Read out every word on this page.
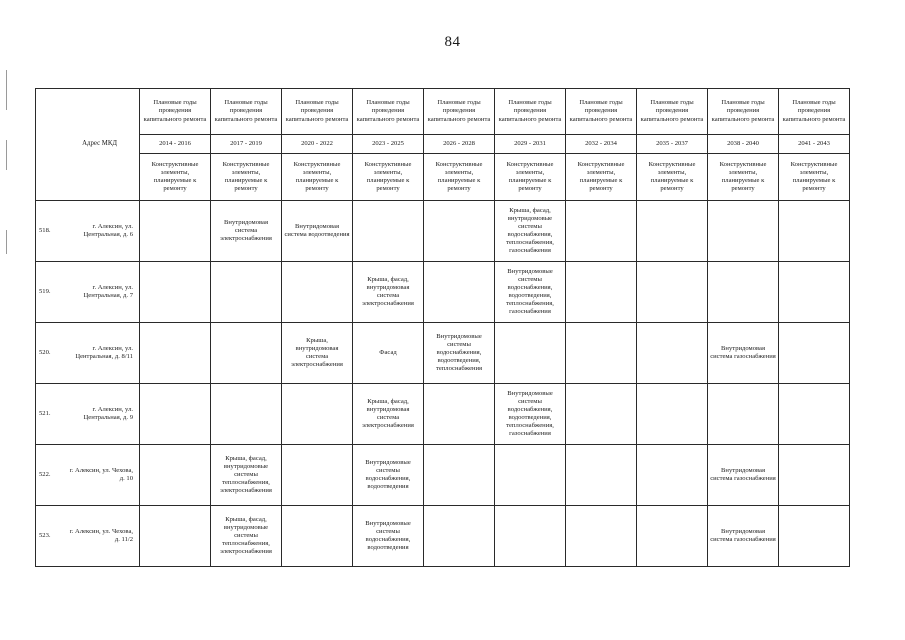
84
Адрес МКД		Плановые годы проведения капитального ремонта	Плановые годы проведения капитального ремонта	Плановые годы проведения капитального ремонта	Плановые годы проведения капитального ремонта	Плановые годы проведения капитального ремонта	Плановые годы проведения капитального ремонта	Плановые годы проведения капитального ремонта	Плановые годы проведения капитального ремонта	Плановые годы проведения капитального ремонта	Плановые годы проведения капитального ремонта
		2014 - 2016	2017 - 2019	2020 - 2022	2023 - 2025	2026 - 2028	2029 - 2031	2032 - 2034	2035 - 2037	2038 - 2040	2041 - 2043
		Конструктивные элементы, планируемые к ремонту	Конструктивные элементы, планируемые к ремонту	Конструктивные элементы, планируемые к ремонту	Конструктивные элементы, планируемые к ремонту	Конструктивные элементы, планируемые к ремонту	Конструктивные элементы, планируемые к ремонту	Конструктивные элементы, планируемые к ремонту	Конструктивные элементы, планируемые к ремонту	Конструктивные элементы, планируемые к ремонту	Конструктивные элементы, планируемые к ремонту
518.	г. Алексин, ул. Центральная, д. 6		Внутридомовая система электроснабжения	Внутридомовая система водоотведения			Крыша, фасад, внутридомовые системы водоснабжения, теплоснабжения, газоснабжения				
519.	г. Алексин, ул. Центральная, д. 7				Крыша, фасад, внутридомовая система электроснабжения		Внутридомовые системы водоснабжения, водоотведения, теплоснабжения, газоснабжения				
520.	г. Алексин, ул. Центральная, д. 8/11			Крыша, внутридомовая система электроснабжения	Фасад	Внутридомовые системы водоснабжения, водоотведения, теплоснабжения				Внутридомовая система газоснабжения	
521.	г. Алексин, ул. Центральная, д. 9				Крыша, фасад, внутридомовая система электроснабжения		Внутридомовые системы водоснабжения, водоотведения, теплоснабжения, газоснабжения				
522.	г. Алексин, ул. Чехова, д. 10		Крыша, фасад, внутридомовые системы теплоснабжения, электроснабжения		Внутридомовые системы водоснабжения, водоотведения					Внутридомовая система газоснабжения	
523.	г. Алексин, ул. Чехова, д. 11/2		Крыша, фасад, внутридомовые системы теплоснабжения, электроснабжения		Внутридомовые системы водоснабжения, водоотведения					Внутридомовая система газоснабжения	
